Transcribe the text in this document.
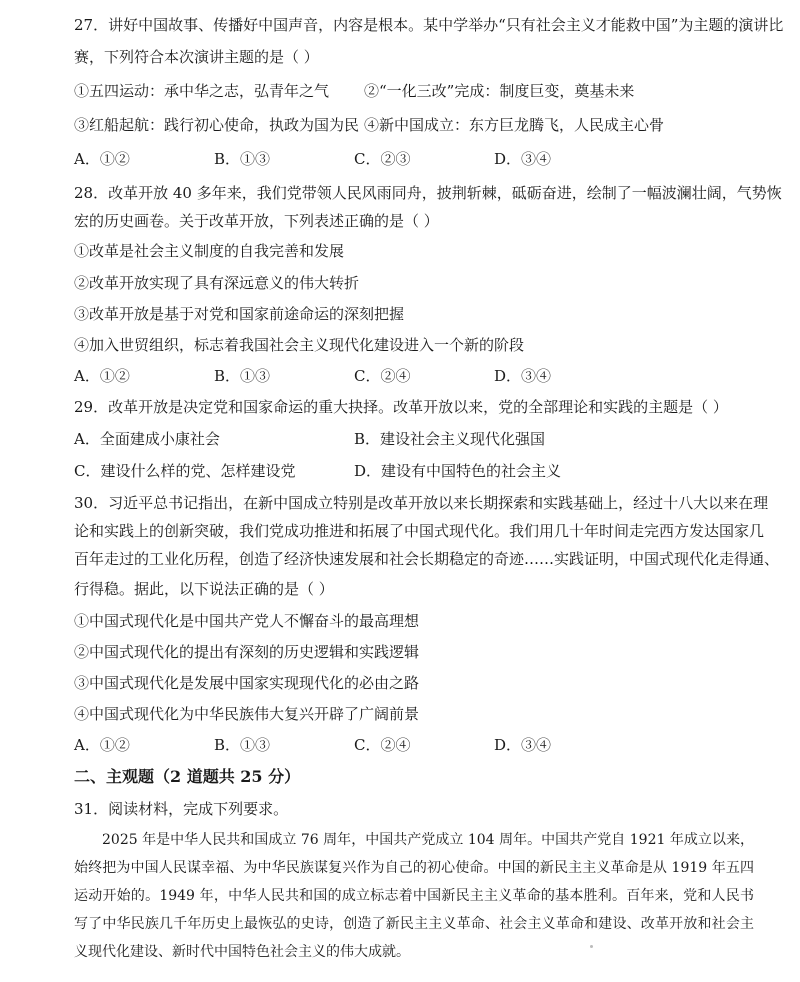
27．讲好中国故事、传播好中国声音，内容是根本。某中学举办“只有社会主义才能救中国”为主题的演讲比
赛，下列符合本次演讲主题的是（ ）
①五四运动：承中华之志，弘青年之气 ②“一化三改”完成：制度巨变，奠基未来
③红船起航：践行初心使命，执政为国为民 ④新中国成立：东方巨龙腾飞，人民成主心骨
A．①②	B．①③	C．②③	D．③④
28．改革开放 40 多年来，我们党带领人民风雨同舟，披荆斩棘，砥砺奋进，绘制了一幅波澜壮阔，气势恢
宏的历史画卷。关于改革开放，下列表述正确的是（ ）
①改革是社会主义制度的自我完善和发展
②改革开放实现了具有深远意义的伟大转折
③改革开放是基于对党和国家前途命运的深刻把握
④加入世贸组织，标志着我国社会主义现代化建设进入一个新的阶段
A．①②	B．①③	C．②④	D．③④
29．改革开放是决定党和国家命运的重大抉择。改革开放以来，党的全部理论和实践的主题是（ ）
A．全面建成小康社会	B．建设社会主义现代化强国
C．建设什么样的党、怎样建设党	D．建设有中国特色的社会主义
30．习近平总书记指出，在新中国成立特别是改革开放以来长期探索和实践基础上，经过十八大以来在理
论和实践上的创新突破，我们党成功推进和拓展了中国式现代化。我们用几十年时间走完西方发达国家几
百年走过的工业化历程，创造了经济快速发展和社会长期稳定的奇迹……实践证明，中国式现代化走得通、
行得稳。据此，以下说法正确的是（ ）
①中国式现代化是中国共产党人不懈奋斗的最高理想
②中国式现代化的提出有深刻的历史逻辑和实践逻辑
③中国式现代化是发展中国家实现现代化的必由之路
④中国式现代化为中华民族伟大复兴开辟了广阔前景
A．①②	B．①③	C．②④	D．③④
二、主观题（2 道题共 25 分）
31．阅读材料，完成下列要求。

2025 年是中华人民共和国成立 76 周年，中国共产党成立 104 周年。中国共产党自 1921 年成立以来，始终把为中国人民谋幸福、为中华民族谋复兴作为自己的初心使命。中国的新民主主义革命是从 1919 年五四运动开始的。1949 年，中华人民共和国的成立标志着中国新民主主义革命的基本胜利。百年来，党和人民书写了中华民族几千年历史上最恢弘的史诗，创造了新民主主义革命、社会主义革命和建设、改革开放和社会主义现代化建设、新时代中国特色社会主义的伟大成就。
